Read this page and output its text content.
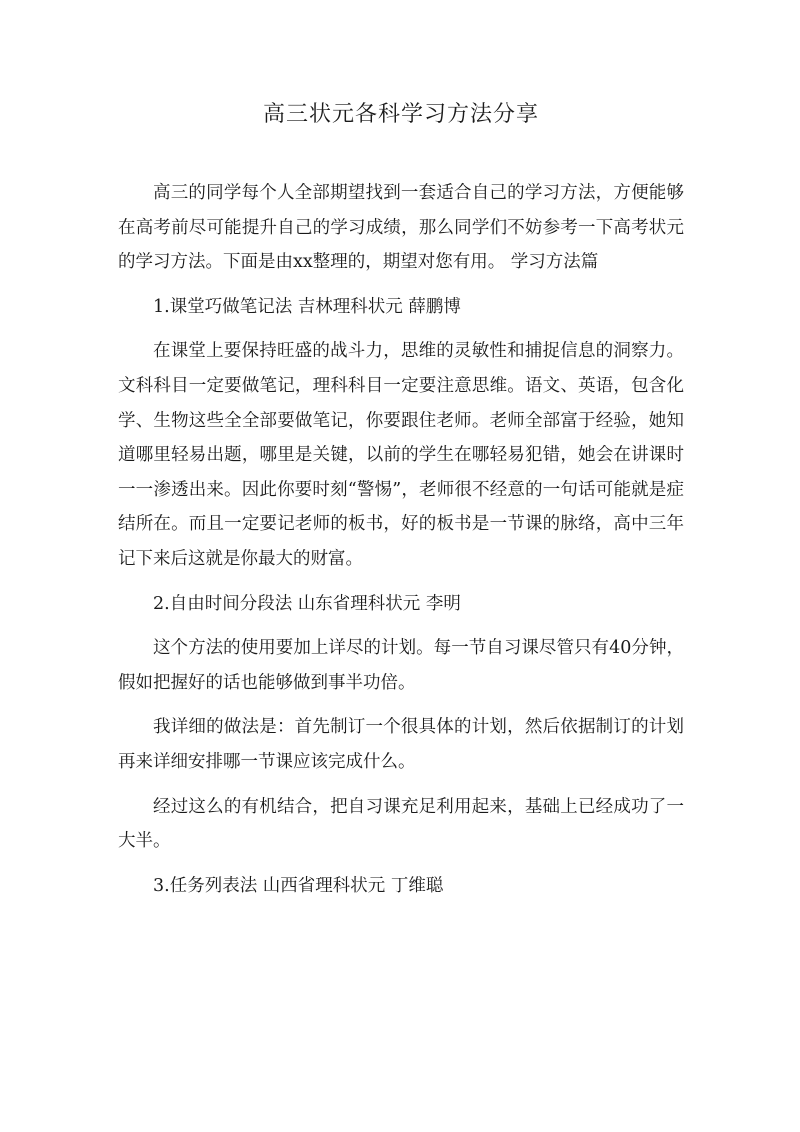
高三状元各科学习方法分享

高三的同学每个人全部期望找到一套适合自己的学习方法，方便能够在高考前尽可能提升自己的学习成绩，那么同学们不妨参考一下高考状元的学习方法。下面是由xx整理的，期望对您有用。 学习方法篇

1.课堂巧做笔记法 吉林理科状元 薛鹏博

在课堂上要保持旺盛的战斗力，思维的灵敏性和捕捉信息的洞察力。文科科目一定要做笔记，理科科目一定要注意思维。语文、英语，包含化学、生物这些全全部要做笔记，你要跟住老师。老师全部富于经验，她知道哪里轻易出题，哪里是关键，以前的学生在哪轻易犯错，她会在讲课时一一渗透出来。因此你要时刻“警惕”，老师很不经意的一句话可能就是症结所在。而且一定要记老师的板书，好的板书是一节课的脉络，高中三年记下来后这就是你最大的财富。

2.自由时间分段法 山东省理科状元 李明

这个方法的使用要加上详尽的计划。每一节自习课尽管只有40分钟，假如把握好的话也能够做到事半功倍。

我详细的做法是：首先制订一个很具体的计划，然后依据制订的计划再来详细安排哪一节课应该完成什么。

经过这么的有机结合，把自习课充足利用起来，基础上已经成功了一大半。

3.任务列表法 山西省理科状元 丁维聪
